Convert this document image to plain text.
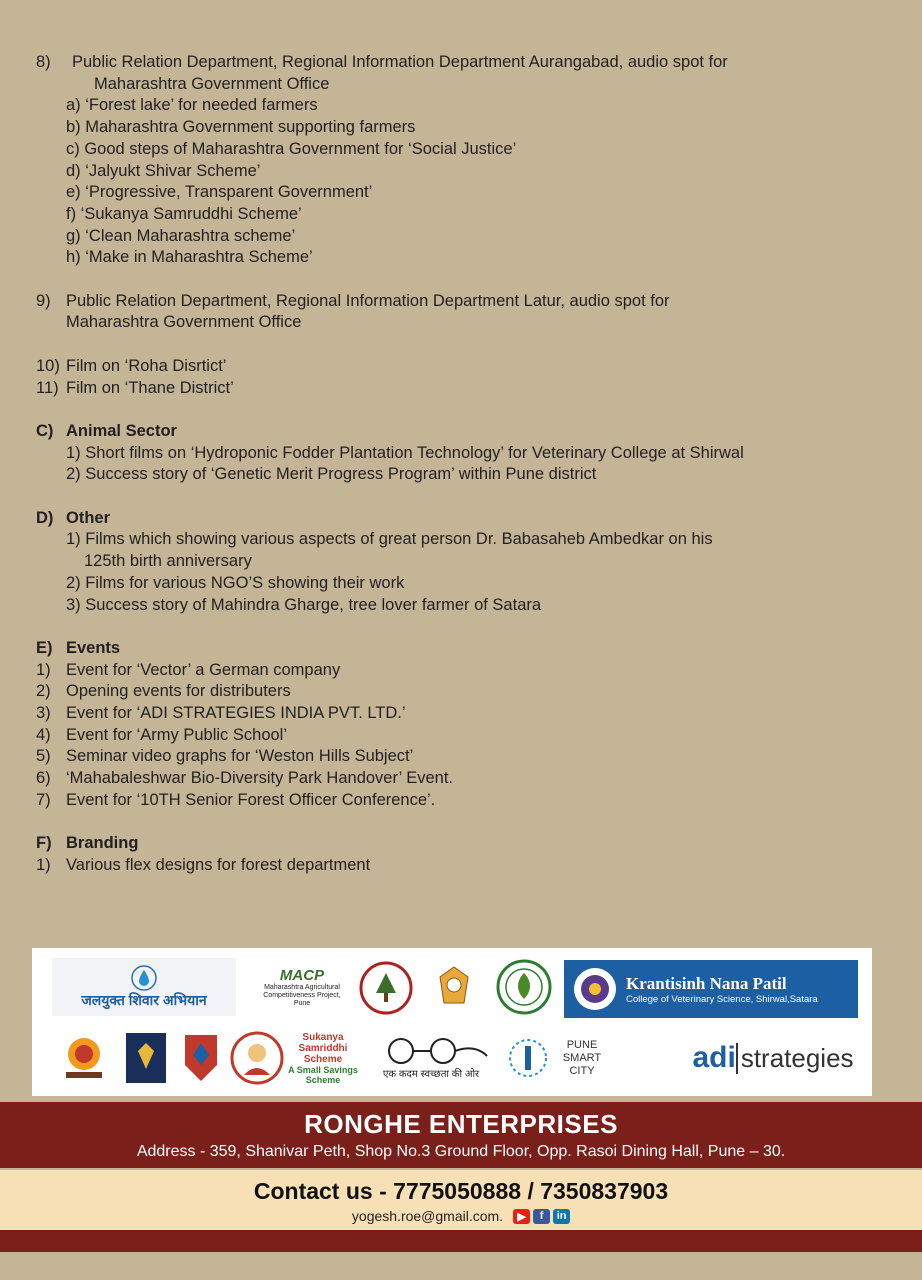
8)	Public Relation Department, Regional Information Department Aurangabad, audio spot for
Maharashtra Government Office
a) ‘Forest lake’ for needed farmers
b) Maharashtra Government supporting farmers
c) Good steps of Maharashtra Government for ‘Social Justice’
d) ‘Jalyukt Shivar Scheme’
e) ‘Progressive, Transparent Government’
f) ‘Sukanya Samruddhi Scheme’
g) ‘Clean Maharashtra scheme’
h) ‘Make in Maharashtra Scheme’
9) Public Relation Department, Regional Information Department Latur, audio spot for
Maharashtra Government Office
10) Film on ‘Roha Disrtict’
11) Film on ‘Thane District’
C) Animal Sector
1) Short films on ‘Hydroponic Fodder Plantation Technology’ for Veterinary College at Shirwal
2) Success story of ‘Genetic Merit Progress Program’ within Pune district
D) Other
1) Films which showing various aspects of great person Dr. Babasaheb Ambedkar on his
125th birth anniversary
2) Films for various NGO’S showing their work
3) Success story of Mahindra Gharge, tree lover farmer of Satara
E) Events
1) Event for ‘Vector’ a German company
2) Opening events for distributers
3) Event for ‘ADI STRATEGIES INDIA PVT. LTD.’
4) Event for ‘Army Public School’
5) Seminar video graphs for ‘Weston Hills Subject’
6) ‘Mahabaleshwar Bio-Diversity Park Handover’ Event.
7) Event for ‘10TH Senior Forest Officer Conference’.
F) Branding
1) Various flex designs for forest department
जलयुक्त शिवार अभियान
MACP
Maharashtra Agricultural Competitiveness Project, Pune
Krantisinh Nana Patil
College of Veterinary Science, Shirwal,Satara
Sukanya Samriddhi Scheme
A Small Savings Scheme	एक कदम स्वच्छता की ओर
PUNE SMART CITY	adi strategies
RONGHE ENTERPRISES
Address - 359, Shanivar Peth, Shop No.3 Ground Floor, Opp. Rasoi Dining Hall, Pune – 30.
Contact us - 7775050888 / 7350837903
yogesh.roe@gmail.com.	▶	f	in
